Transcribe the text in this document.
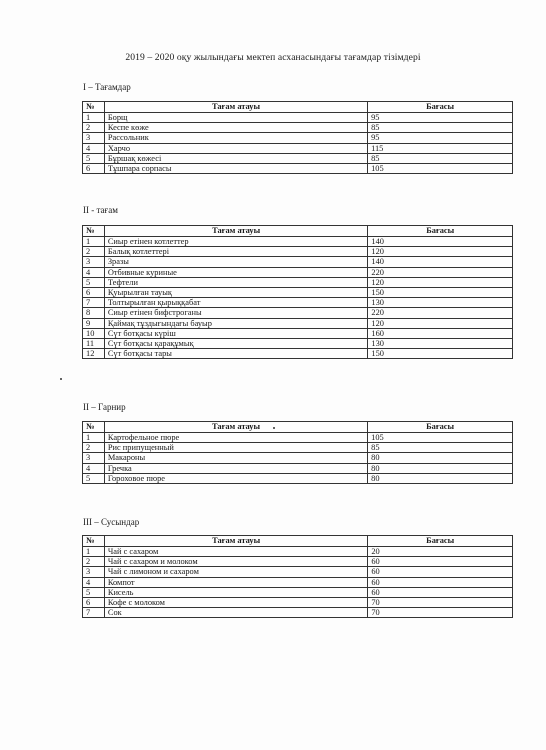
2019 – 2020 оқу жылындағы мектеп асханасындағы тағамдар тізімдері
I – Тағамдар
№	Тағам атауы	Бағасы
1	Борщ	95
2	Кеспе көже	85
3	Рассольник	95
4	Харчо	115
5	Бұршақ көжесі	85
6	Тұшпара сорпасы	105
II - тағам
№	Тағам атауы	Бағасы
1	Сиыр етінен котлеттер	140
2	Балық котлеттері	120
3	Зразы	140
4	Отбивные куриные	220
5	Тефтели	120
6	Қуырылған тауық	150
7	Толтырылған қырыққабат	130
8	Сиыр етінен бифстроганы	220
9	Қаймақ тұздығындағы бауыр	120
10	Сүт ботқасы күріш	160
11	Сүт ботқасы қарақұмық	130
12	Сүт ботқасы тары	150
II – Гарнир
№	Тағам атауы	Бағасы
1	Картофельное пюре	105
2	Рис припущенный	85
3	Макароны	80
4	Гречка	80
5	Гороховое пюре	80
III – Сусындар
№	Тағам атауы	Бағасы
1	Чай с сахаром	20
2	Чай с сахаром и молоком	60
3	Чай с лимоном и сахаром	60
4	Компот	60
5	Кисель	60
6	Кофе с молоком	70
7	Сок	70
